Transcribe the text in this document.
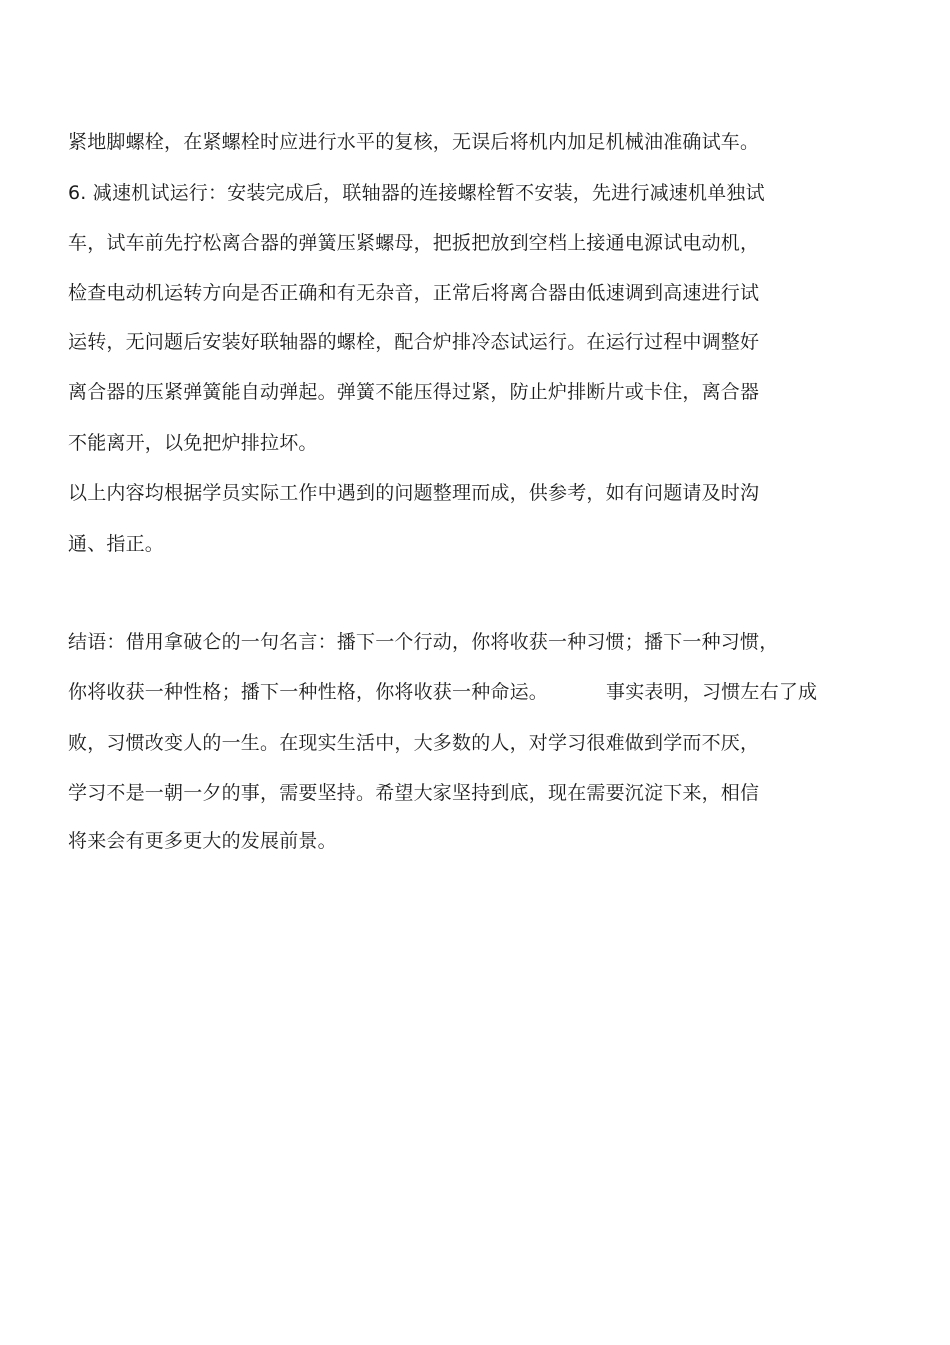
紧地脚螺栓，在紧螺栓时应进行水平的复核，无误后将机内加足机械油准确试车。
6. 减速机试运行：安装完成后，联轴器的连接螺栓暂不安装，先进行减速机单独试
车，试车前先拧松离合器的弹簧压紧螺母，把扳把放到空档上接通电源试电动机，
检查电动机运转方向是否正确和有无杂音，正常后将离合器由低速调到高速进行试
运转，无问题后安装好联轴器的螺栓，配合炉排冷态试运行。在运行过程中调整好
离合器的压紧弹簧能自动弹起。弹簧不能压得过紧，防止炉排断片或卡住，离合器
不能离开，以免把炉排拉坏。
以上内容均根据学员实际工作中遇到的问题整理而成，供参考，如有问题请及时沟
通、指正。
结语：借用拿破仑的一句名言：播下一个行动，你将收获一种习惯；播下一种习惯，
你将收获一种性格；播下一种性格，你将收获一种命运。	事实表明，习惯左右了成
败，习惯改变人的一生。在现实生活中，大多数的人，对学习很难做到学而不厌，
学习不是一朝一夕的事，需要坚持。希望大家坚持到底，现在需要沉淀下来，相信
将来会有更多更大的发展前景。
